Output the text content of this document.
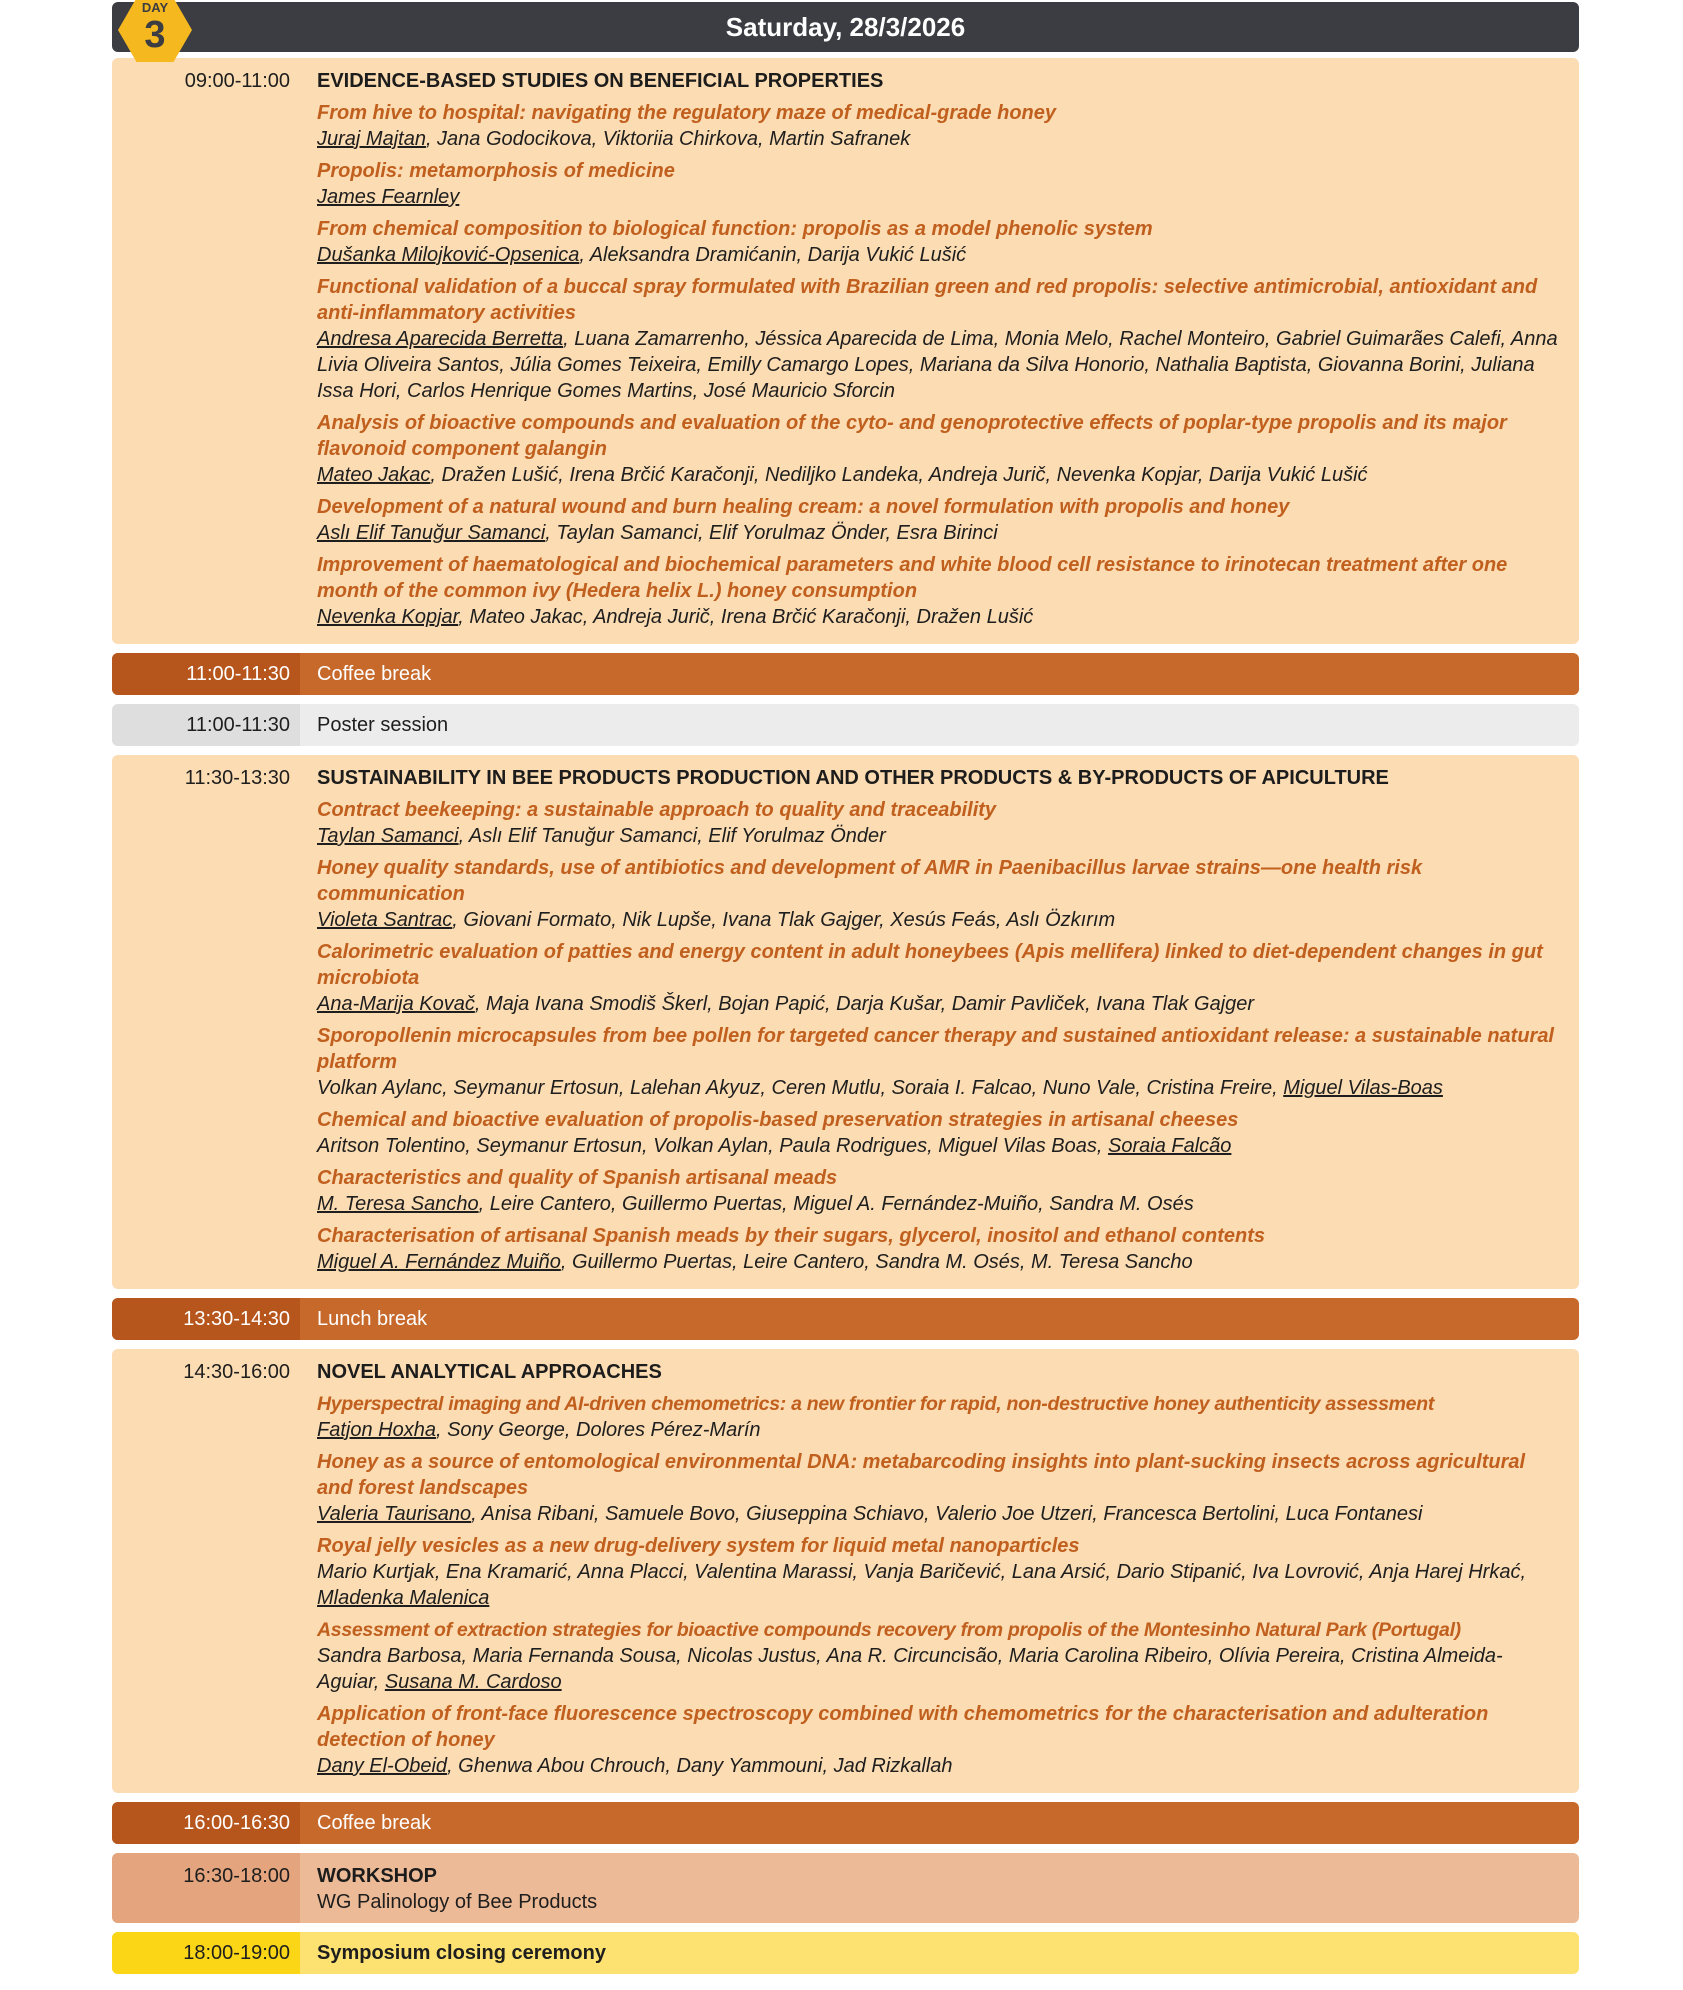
DAY
3	Saturday, 28/3/2026
09:00-11:00	EVIDENCE-BASED STUDIES ON BENEFICIAL PROPERTIES
From hive to hospital: navigating the regulatory maze of medical-grade honey
Juraj Majtan, Jana Godocikova, Viktoriia Chirkova, Martin Safranek
Propolis: metamorphosis of medicine
James Fearnley
From chemical composition to biological function: propolis as a model phenolic system
Dušanka Milojković-Opsenica, Aleksandra Dramićanin, Darija Vukić Lušić
Functional validation of a buccal spray formulated with Brazilian green and red propolis: selective antimicrobial, antioxidant and anti-inflammatory activities
Andresa Aparecida Berretta, Luana Zamarrenho, Jéssica Aparecida de Lima, Monia Melo, Rachel Monteiro, Gabriel Guimarães Calefi, Anna Livia Oliveira Santos, Júlia Gomes Teixeira, Emilly Camargo Lopes, Mariana da Silva Honorio, Nathalia Baptista, Giovanna Borini, Juliana Issa Hori, Carlos Henrique Gomes Martins, José Mauricio Sforcin
Analysis of bioactive compounds and evaluation of the cyto- and genoprotective effects of poplar-type propolis and its major flavonoid component galangin
Mateo Jakac, Dražen Lušić, Irena Brčić Karačonji, Nediljko Landeka, Andreja Jurič, Nevenka Kopjar, Darija Vukić Lušić
Development of a natural wound and burn healing cream: a novel formulation with propolis and honey
Aslı Elif Tanuğur Samanci, Taylan Samanci, Elif Yorulmaz Önder, Esra Birinci
Improvement of haematological and biochemical parameters and white blood cell resistance to irinotecan treatment after one month of the common ivy (Hedera helix L.) honey consumption
Nevenka Kopjar, Mateo Jakac, Andreja Jurič, Irena Brčić Karačonji, Dražen Lušić
11:00-11:30	Coffee break
11:00-11:30	Poster session
11:30-13:30	SUSTAINABILITY IN BEE PRODUCTS PRODUCTION AND OTHER PRODUCTS & BY-PRODUCTS OF APICULTURE
Contract beekeeping: a sustainable approach to quality and traceability
Taylan Samanci, Aslı Elif Tanuğur Samanci, Elif Yorulmaz Önder
Honey quality standards, use of antibiotics and development of AMR in Paenibacillus larvae strains—one health risk communication
Violeta Santrac, Giovani Formato, Nik Lupše, Ivana Tlak Gajger, Xesús Feás, Aslı Özkırım
Calorimetric evaluation of patties and energy content in adult honeybees (Apis mellifera) linked to diet-dependent changes in gut microbiota
Ana-Marija Kovač, Maja Ivana Smodiš Škerl, Bojan Papić, Darja Kušar, Damir Pavliček, Ivana Tlak Gajger
Sporopollenin microcapsules from bee pollen for targeted cancer therapy and sustained antioxidant release: a sustainable natural platform
Volkan Aylanc, Seymanur Ertosun, Lalehan Akyuz, Ceren Mutlu, Soraia I. Falcao, Nuno Vale, Cristina Freire, Miguel Vilas-Boas
Chemical and bioactive evaluation of propolis-based preservation strategies in artisanal cheeses
Aritson Tolentino, Seymanur Ertosun, Volkan Aylan, Paula Rodrigues, Miguel Vilas Boas, Soraia Falcão
Characteristics and quality of Spanish artisanal meads
M. Teresa Sancho, Leire Cantero, Guillermo Puertas, Miguel A. Fernández-Muiño, Sandra M. Osés
Characterisation of artisanal Spanish meads by their sugars, glycerol, inositol and ethanol contents
Miguel A. Fernández Muiño, Guillermo Puertas, Leire Cantero, Sandra M. Osés, M. Teresa Sancho
13:30-14:30	Lunch break
14:30-16:00	NOVEL ANALYTICAL APPROACHES
Hyperspectral imaging and AI-driven chemometrics: a new frontier for rapid, non-destructive honey authenticity assessment
Fatjon Hoxha, Sony George, Dolores Pérez-Marín
Honey as a source of entomological environmental DNA: metabarcoding insights into plant-sucking insects across agricultural and forest landscapes
Valeria Taurisano, Anisa Ribani, Samuele Bovo, Giuseppina Schiavo, Valerio Joe Utzeri, Francesca Bertolini, Luca Fontanesi
Royal jelly vesicles as a new drug-delivery system for liquid metal nanoparticles
Mario Kurtjak, Ena Kramarić, Anna Placci, Valentina Marassi, Vanja Baričević, Lana Arsić, Dario Stipanić, Iva Lovrović, Anja Harej Hrkać, Mladenka Malenica
Assessment of extraction strategies for bioactive compounds recovery from propolis of the Montesinho Natural Park (Portugal)
Sandra Barbosa, Maria Fernanda Sousa, Nicolas Justus, Ana R. Circuncisão, Maria Carolina Ribeiro, Olívia Pereira, Cristina Almeida-Aguiar, Susana M. Cardoso
Application of front-face fluorescence spectroscopy combined with chemometrics for the characterisation and adulteration detection of honey
Dany El-Obeid, Ghenwa Abou Chrouch, Dany Yammouni, Jad Rizkallah
16:00-16:30	Coffee break
16:30-18:00	WORKSHOP
WG Palinology of Bee Products
18:00-19:00	Symposium closing ceremony
